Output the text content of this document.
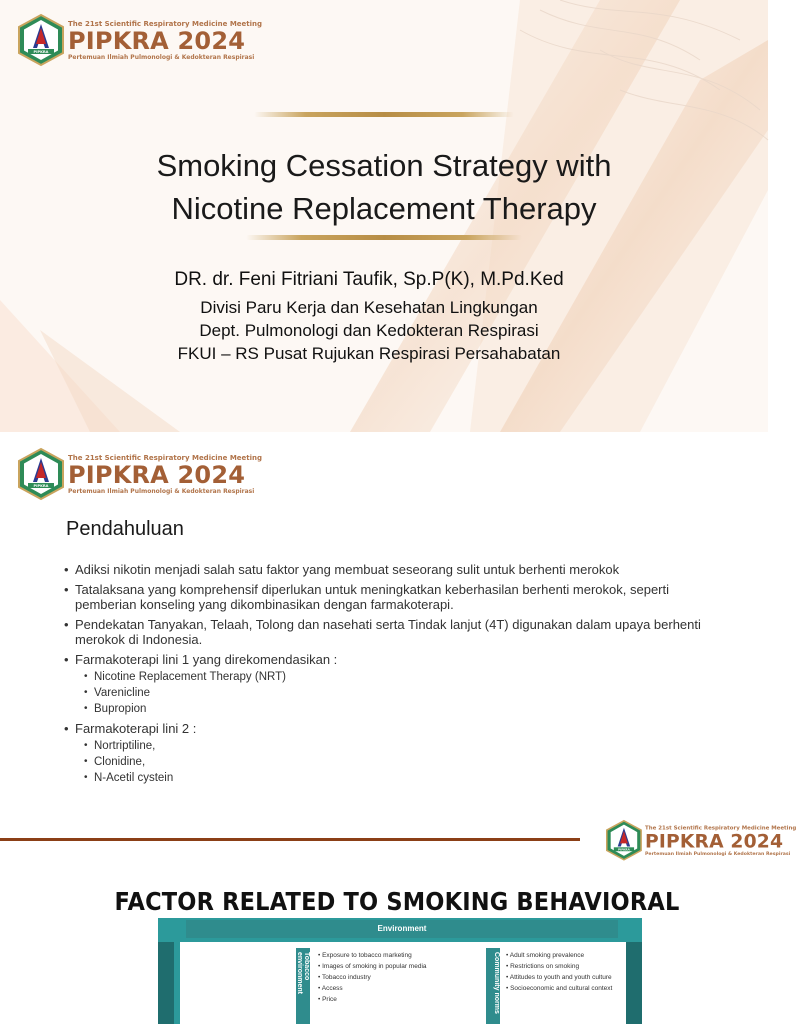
PIPKRA
The 21st Scientific Respiratory Medicine Meeting
PIPKRA 2024
Pertemuan Ilmiah Pulmonologi & Kedokteran Respirasi
Smoking Cessation Strategy with
Nicotine Replacement Therapy
DR. dr. Feni Fitriani Taufik, Sp.P(K), M.Pd.Ked
Divisi Paru Kerja dan Kesehatan Lingkungan
Dept. Pulmonologi dan Kedokteran Respirasi
FKUI – RS Pusat Rujukan Respirasi Persahabatan
PIPKRA
The 21st Scientific Respiratory Medicine Meeting
PIPKRA 2024
Pertemuan Ilmiah Pulmonologi & Kedokteran Respirasi
Pendahuluan
• Adiksi nikotin menjadi salah satu faktor yang membuat seseorang sulit untuk berhenti merokok
• Tatalaksana yang komprehensif diperlukan untuk meningkatkan keberhasilan berhenti merokok, seperti pemberian konseling yang dikombinasikan dengan farmakoterapi.
• Pendekatan Tanyakan, Telaah, Tolong dan nasehati serta Tindak lanjut (4T) digunakan dalam upaya berhenti merokok di Indonesia.
• Farmakoterapi lini 1 yang direkomendasikan :
• Nicotine Replacement Therapy (NRT)
• Varenicline
• Bupropion
• Farmakoterapi lini 2 :
• Nortriptiline,
• Clonidine,
• N-Acetil cystein
PIPKRA
The 21st Scientific Respiratory Medicine Meeting
PIPKRA 2024
Pertemuan Ilmiah Pulmonologi & Kedokteran Respirasi
FACTOR RELATED TO SMOKING BEHAVIORAL
Environment
Tobacco environment	• Exposure to tobacco marketing
• Images of smoking in popular media
• Tobacco industry
• Access
• Price	Community norms	• Adult smoking prevalence
• Restrictions on smoking
• Attitudes to youth and youth culture
• Socioeconomic and cultural context
